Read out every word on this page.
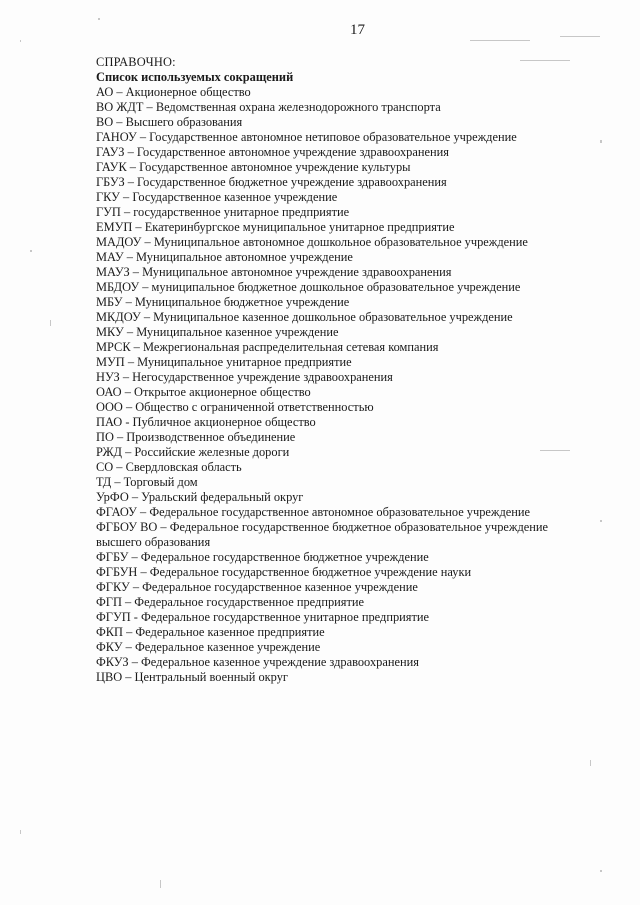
17
СПРАВОЧНО:
Список используемых сокращений
АО – Акционерное общество
ВО ЖДТ – Ведомственная охрана железнодорожного транспорта
ВО – Высшего образования
ГАНОУ – Государственное автономное нетиповое образовательное учреждение
ГАУЗ – Государственное автономное учреждение здравоохранения
ГАУК – Государственное автономное учреждение культуры
ГБУЗ – Государственное бюджетное учреждение здравоохранения
ГКУ – Государственное казенное учреждение
ГУП – государственное унитарное предприятие
ЕМУП – Екатеринбургское муниципальное унитарное предприятие
МАДОУ – Муниципальное автономное дошкольное образовательное учреждение
МАУ – Муниципальное автономное учреждение
МАУЗ – Муниципальное автономное учреждение здравоохранения
МБДОУ – муниципальное бюджетное дошкольное образовательное учреждение
МБУ – Муниципальное бюджетное учреждение
МКДОУ – Муниципальное казенное дошкольное образовательное учреждение
МКУ – Муниципальное казенное учреждение
МРСК – Межрегиональная распределительная сетевая компания
МУП – Муниципальное унитарное предприятие
НУЗ – Негосударственное учреждение здравоохранения
ОАО – Открытое акционерное общество
ООО – Общество с ограниченной ответственностью
ПАО - Публичное акционерное общество
ПО – Производственное объединение
РЖД – Российские железные дороги
СО – Свердловская область
ТД – Торговый дом
УрФО – Уральский федеральный округ
ФГАОУ – Федеральное государственное автономное образовательное учреждение
ФГБОУ ВО – Федеральное государственное бюджетное образовательное учреждение высшего образования
ФГБУ – Федеральное государственное бюджетное учреждение
ФГБУН – Федеральное государственное бюджетное учреждение науки
ФГКУ – Федеральное государственное казенное учреждение
ФГП – Федеральное государственное предприятие
ФГУП - Федеральное государственное унитарное предприятие
ФКП – Федеральное казенное предприятие
ФКУ – Федеральное казенное учреждение
ФКУЗ – Федеральное казенное учреждение здравоохранения
ЦВО – Центральный военный округ
